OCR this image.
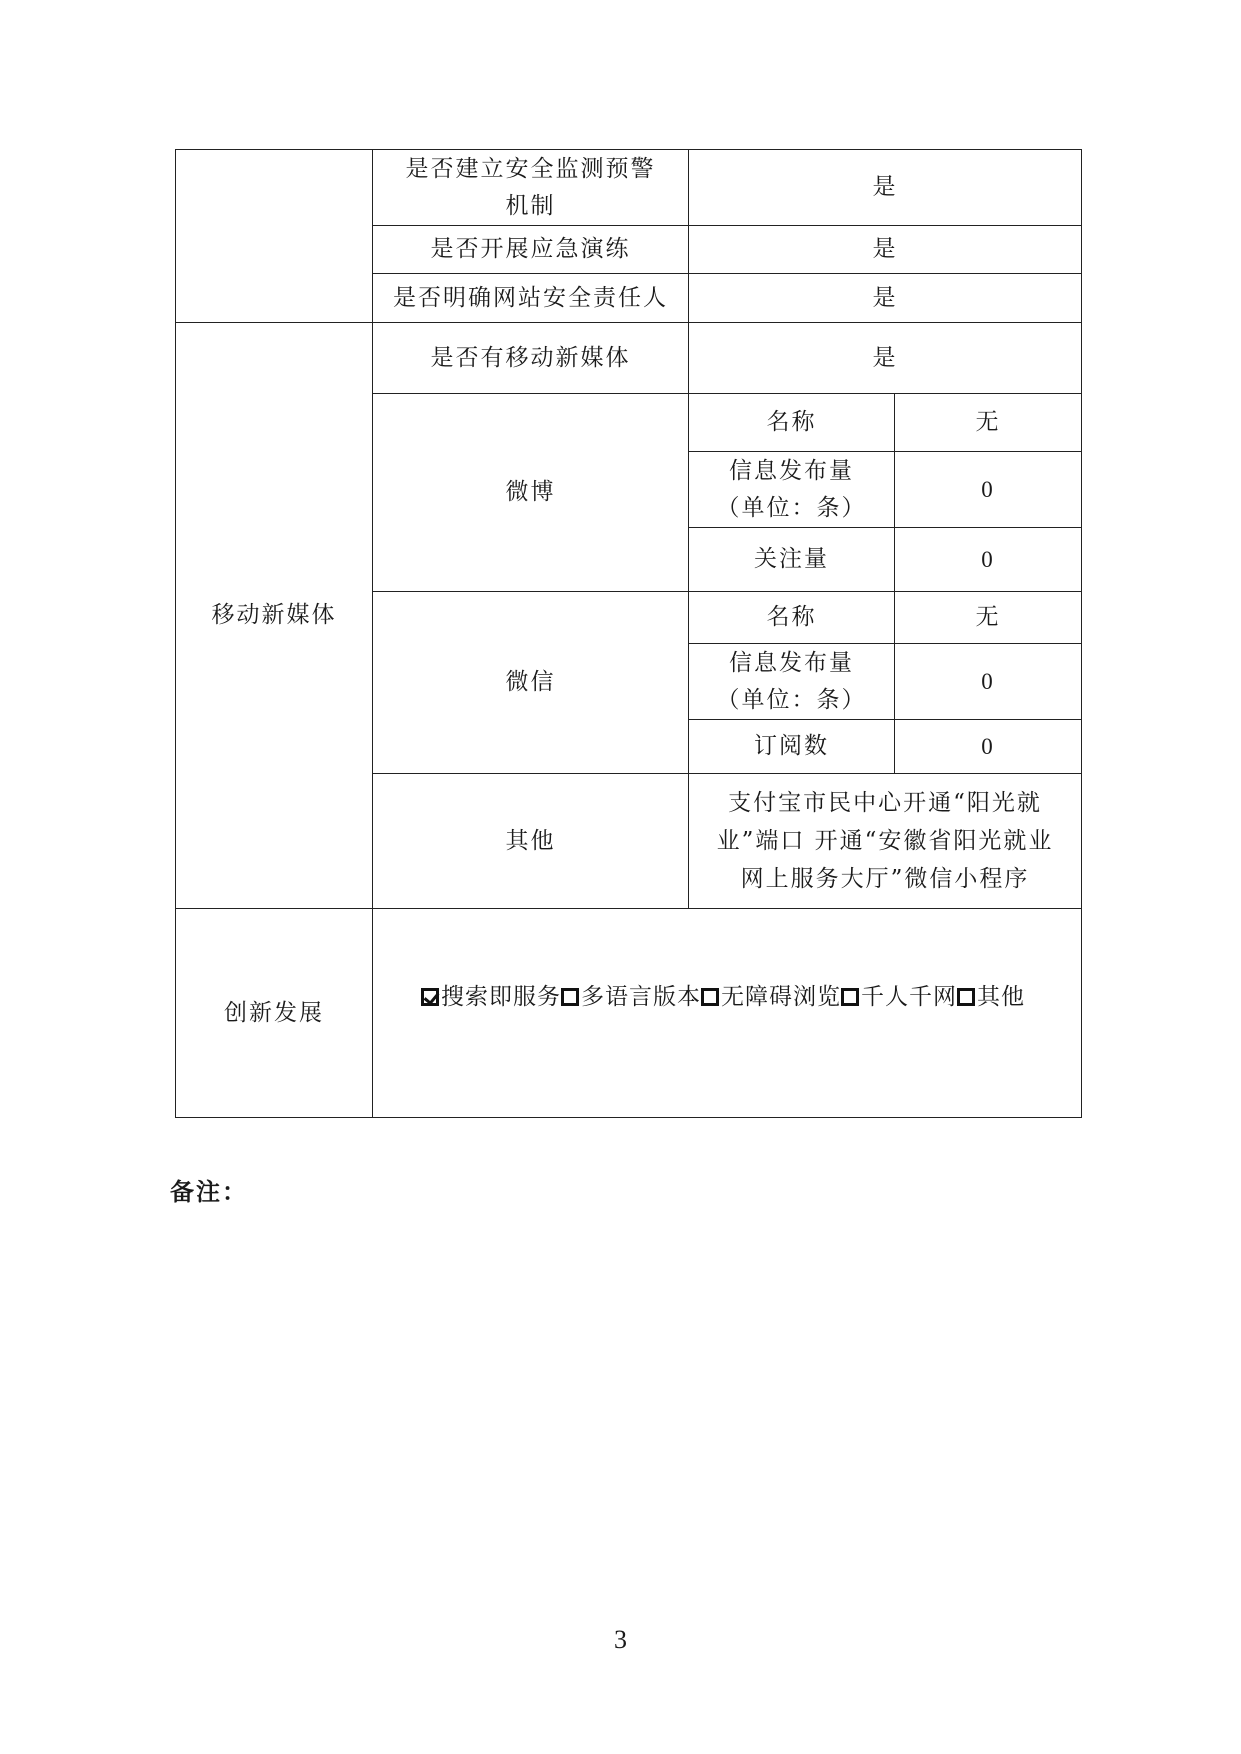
	是否建立安全监测预警
机制	是	
	是否开展应急演练	是	
	是否明确网站安全责任人	是	
移动新媒体	是否有移动新媒体	是	
	微博	名称	无

		信息发布量
（单位：条）	0
		关注量	0
	微信	名称	无

		信息发布量
（单位：条）	0
		订阅数	0
	其他	支付宝市民中心开通“阳光就
业”端口 开通“安徽省阳光就业
网上服务大厅”微信小程序	

创新发展	搜索即服务 多语言版本 无障碍浏览 千人千网 其他		
备注：
3
